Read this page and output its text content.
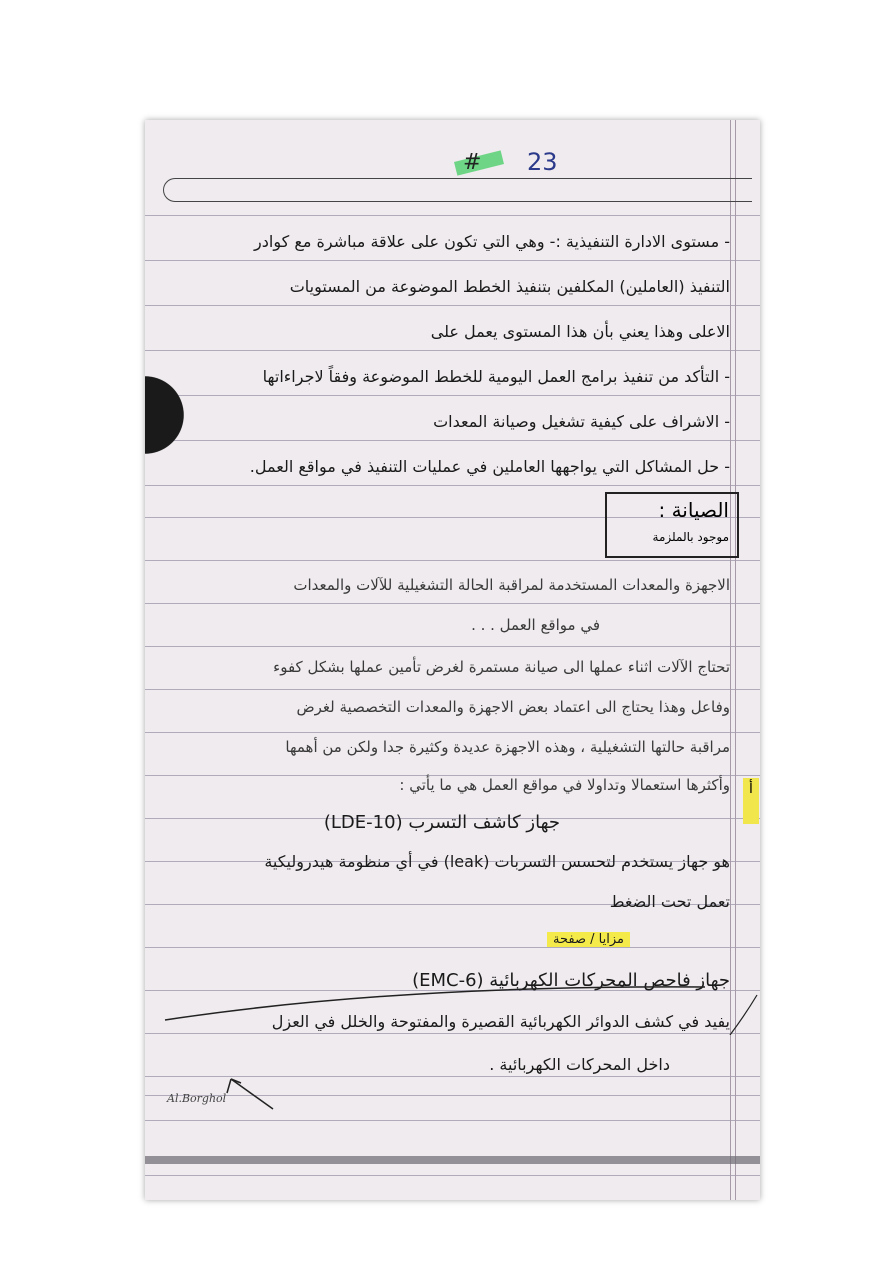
# 23
- مستوى الادارة التنفيذية :- وهي التي تكون على علاقة مباشرة مع كوادر
التنفيذ (العاملين) المكلفين بتنفيذ الخطط الموضوعة من المستويات
الاعلى وهذا يعني بأن هذا المستوى يعمل على
- التأكد من تنفيذ برامج العمل اليومية للخطط الموضوعة وفقاً لاجراءاتها
- الاشراف على كيفية تشغيل وصيانة المعدات
- حل المشاكل التي يواجهها العاملين في عمليات التنفيذ في مواقع العمل.
الصيانة :
موجود بالملزمة
الاجهزة والمعدات المستخدمة لمراقبة الحالة التشغيلية للآلات والمعدات
في مواقع العمل . . .
تحتاج الآلات اثناء عملها الى صيانة مستمرة لغرض تأمين عملها بشكل كفوء
وفاعل وهذا يحتاج الى اعتماد بعض الاجهزة والمعدات التخصصية لغرض
مراقبة حالتها التشغيلية ، وهذه الاجهزة عديدة وكثيرة جدا ولكن من أهمها
وأكثرها استعمالا وتداولا في مواقع العمل هي ما يأتي :	أ
جهاز كاشف التسرب (LDE-10)
هو جهاز يستخدم لتحسس التسربات (leak) في أي منظومة هيدروليكية
تعمل تحت الضغط
مزايا / صفحة
جهاز فاحص المحركات الكهربائية (EMC-6)
يفيد في كشف الدوائر الكهربائية القصيرة والمفتوحة والخلل في العزل
داخل المحركات الكهربائية .
Al.Borghol
